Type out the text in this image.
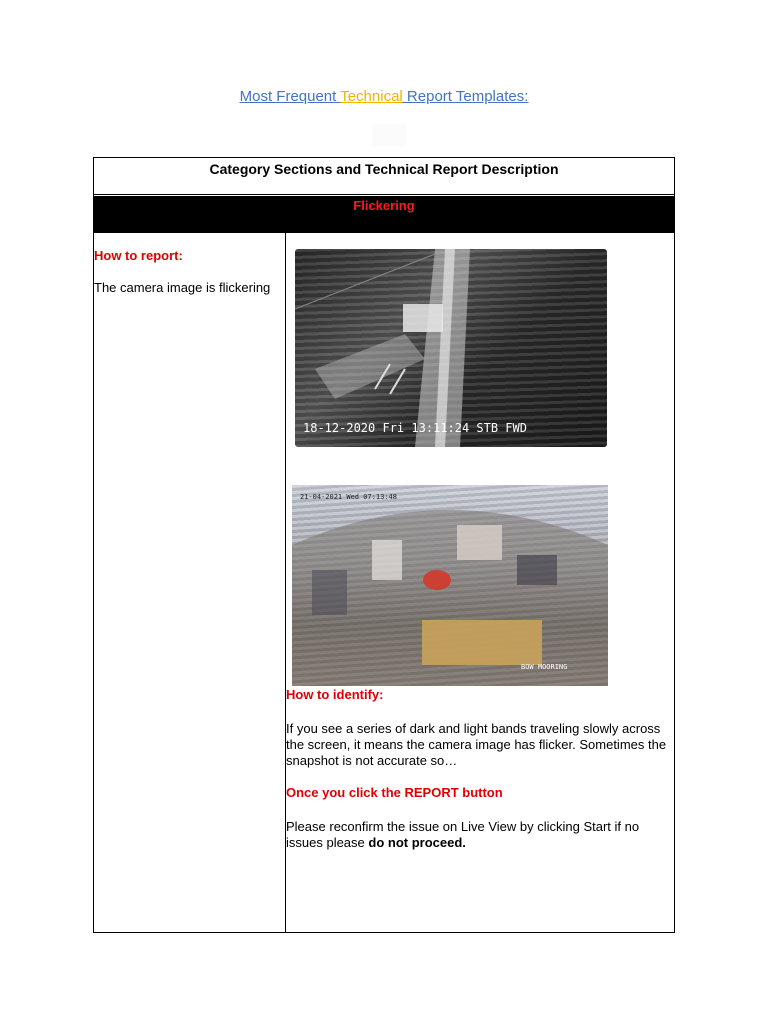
Most Frequent Technical Report Templates:
Category Sections and Technical Report Description
Flickering
How to report:
The camera image is flickering
18-12-2020 Fri 13:11:24 STB FWD
21-04-2021 Wed 07:13:48
BOW MOORING
How to identify:
If you see a series of dark and light bands traveling slowly across the screen, it means the camera image has flicker. Sometimes the snapshot is not accurate so…
Once you click the REPORT button
Please reconfirm the issue on Live View by clicking Start if no issues please do not proceed.
